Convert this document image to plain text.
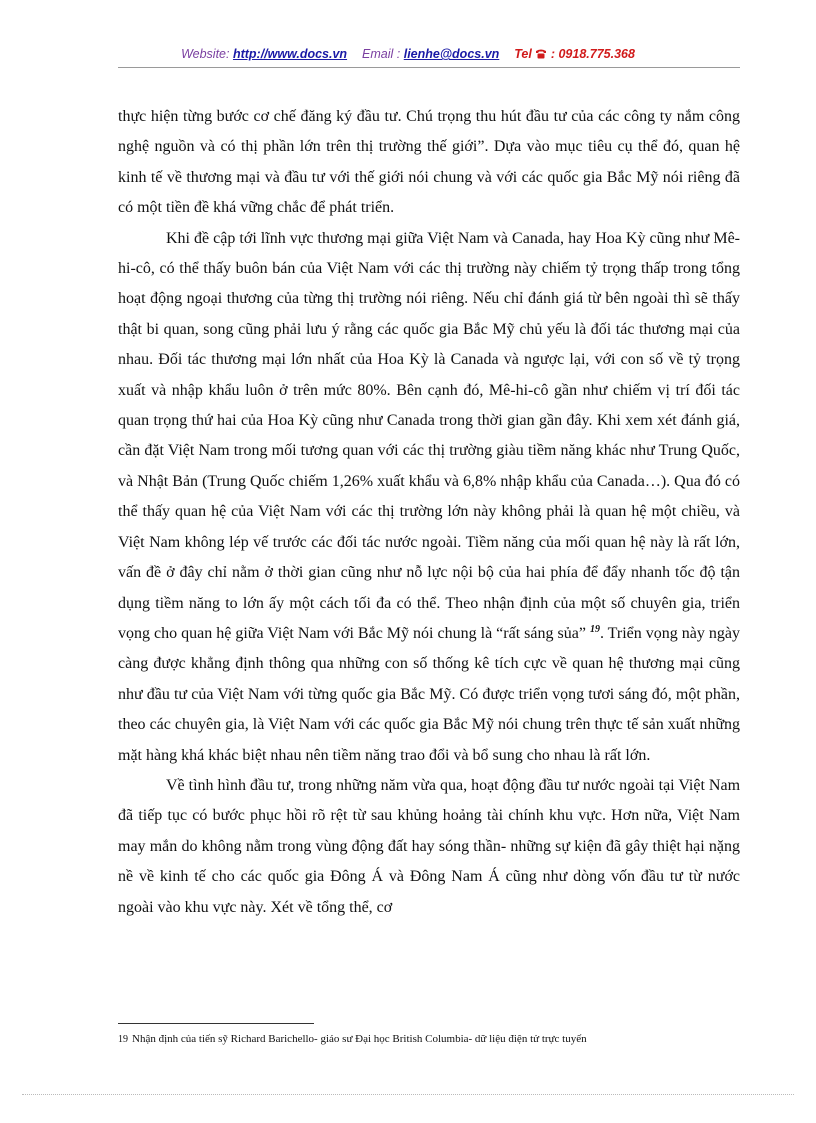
Website: http://www.docs.vn Email : lienhe@docs.vn Tel : 0918.775.368

thực hiện từng bước cơ chế đăng ký đầu tư. Chú trọng thu hút đầu tư của các công ty nắm công nghệ nguồn và có thị phần lớn trên thị trường thế giới”. Dựa vào mục tiêu cụ thể đó, quan hệ kinh tế về thương mại và đầu tư với thế giới nói chung và với các quốc gia Bắc Mỹ nói riêng đã có một tiền đề khá vững chắc để phát triển.

Khi đề cập tới lĩnh vực thương mại giữa Việt Nam và Canada, hay Hoa Kỳ cũng như Mê-hi-cô, có thể thấy buôn bán của Việt Nam với các thị trường này chiếm tỷ trọng thấp trong tổng hoạt động ngoại thương của từng thị trường nói riêng. Nếu chỉ đánh giá từ bên ngoài thì sẽ thấy thật bi quan, song cũng phải lưu ý rằng các quốc gia Bắc Mỹ chủ yếu là đối tác thương mại của nhau. Đối tác thương mại lớn nhất của Hoa Kỳ là Canada và ngược lại, với con số về tỷ trọng xuất và nhập khẩu luôn ở trên mức 80%. Bên cạnh đó, Mê-hi-cô gần như chiếm vị trí đối tác quan trọng thứ hai của Hoa Kỳ cũng như Canada trong thời gian gần đây. Khi xem xét đánh giá, cần đặt Việt Nam trong mối tương quan với các thị trường giàu tiềm năng khác như Trung Quốc, và Nhật Bản (Trung Quốc chiếm 1,26% xuất khẩu và 6,8% nhập khẩu của Canada…). Qua đó có thể thấy quan hệ của Việt Nam với các thị trường lớn này không phải là quan hệ một chiều, và Việt Nam không lép vế trước các đối tác nước ngoài. Tiềm năng của mối quan hệ này là rất lớn, vấn đề ở đây chỉ nằm ở thời gian cũng như nỗ lực nội bộ của hai phía để đẩy nhanh tốc độ tận dụng tiềm năng to lớn ấy một cách tối đa có thể. Theo nhận định của một số chuyên gia, triển vọng cho quan hệ giữa Việt Nam với Bắc Mỹ nói chung là “rất sáng sủa” $^{19}$. Triển vọng này ngày càng được khẳng định thông qua những con số thống kê tích cực về quan hệ thương mại cũng như đầu tư của Việt Nam với từng quốc gia Bắc Mỹ. Có được triển vọng tươi sáng đó, một phần, theo các chuyên gia, là Việt Nam với các quốc gia Bắc Mỹ nói chung trên thực tế sản xuất những mặt hàng khá khác biệt nhau nên tiềm năng trao đổi và bổ sung cho nhau là rất lớn.

Về tình hình đầu tư, trong những năm vừa qua, hoạt động đầu tư nước ngoài tại Việt Nam đã tiếp tục có bước phục hồi rõ rệt từ sau khủng hoảng tài chính khu vực. Hơn nữa, Việt Nam may mắn do không nằm trong vùng động đất hay sóng thần- những sự kiện đã gây thiệt hại nặng nề về kinh tế cho các quốc gia Đông Á và Đông Nam Á cũng như dòng vốn đầu tư từ nước ngoài vào khu vực này. Xét về tổng thể, cơ

19 Nhận định của tiến sỹ Richard Barichello- giáo sư Đại học British Columbia- dữ liệu điện tử trực tuyến
